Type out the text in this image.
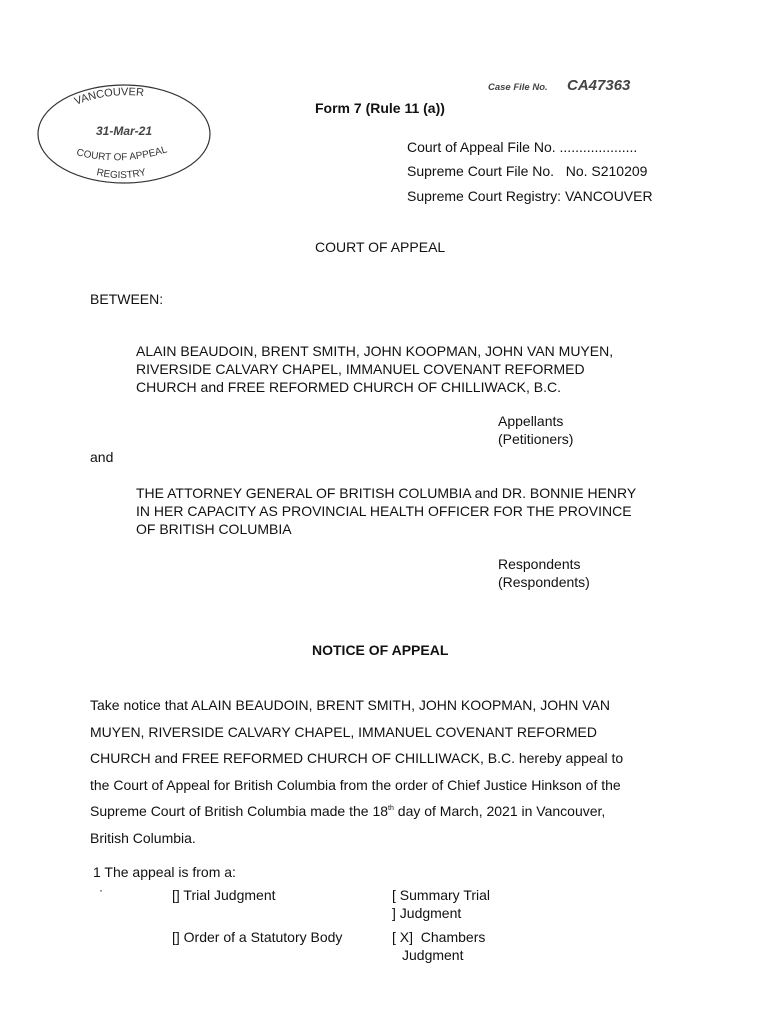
VANCOUVER
31-Mar-21
COURT OF APPEAL
REGISTRY
Case File No. CA47363
Form 7 (Rule 11 (a))
Court of Appeal File No. ....................
Supreme Court File No.   No. S210209
Supreme Court Registry: VANCOUVER
COURT OF APPEAL
BETWEEN:
ALAIN BEAUDOIN, BRENT SMITH, JOHN KOOPMAN, JOHN VAN MUYEN,
RIVERSIDE CALVARY CHAPEL, IMMANUEL COVENANT REFORMED
CHURCH and FREE REFORMED CHURCH OF CHILLIWACK, B.C.
Appellants
(Petitioners)
and
THE ATTORNEY GENERAL OF BRITISH COLUMBIA and DR. BONNIE HENRY
IN HER CAPACITY AS PROVINCIAL HEALTH OFFICER FOR THE PROVINCE
OF BRITISH COLUMBIA
Respondents
(Respondents)
NOTICE OF APPEAL
Take notice that ALAIN BEAUDOIN, BRENT SMITH, JOHN KOOPMAN, JOHN VAN
MUYEN, RIVERSIDE CALVARY CHAPEL, IMMANUEL COVENANT REFORMED
CHURCH and FREE REFORMED CHURCH OF CHILLIWACK, B.C. hereby appeal to
the Court of Appeal for British Columbia from the order of Chief Justice Hinkson of the
Supreme Court of British Columbia made the 18th day of March, 2021 in Vancouver,
British Columbia.
1 The appeal is from a:
·	[] Trial Judgment	[ Summary Trial
] Judgment
[] Order of a Statutory Body	[ X]  Chambers
Judgment
